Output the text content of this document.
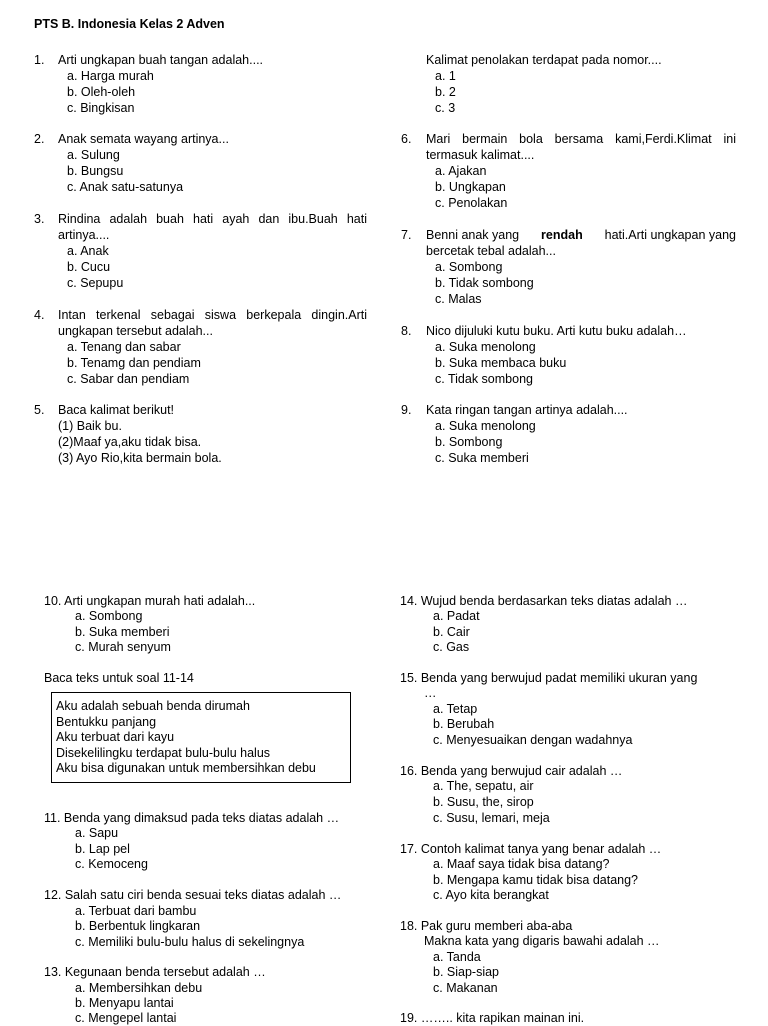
PTS B. Indonesia Kelas 2 Adven
1. Arti ungkapan buah tangan adalah....
a. Harga murah
b. Oleh-oleh
c. Bingkisan
2. Anak semata wayang artinya...
a. Sulung
b. Bungsu
c. Anak satu-satunya
3. Rindina adalah buah hati ayah dan ibu.Buah hati
artinya....
a. Anak
b. Cucu
c. Sepupu
4. Intan terkenal sebagai siswa berkepala dingin.Arti
ungkapan tersebut adalah...
a. Tenang dan sabar
b. Tenamg dan pendiam
c. Sabar dan pendiam
5. Baca kalimat berikut!
(1) Baik bu.
(2)Maaf ya,aku tidak bisa.
(3) Ayo Rio,kita bermain bola.
Kalimat penolakan terdapat pada nomor....
a. 1
b. 2
c. 3
6. Mari bermain bola bersama kami,Ferdi.Klimat ini
termasuk kalimat....
a. Ajakan
b. Ungkapan
c. Penolakan
7. Benni anak yang rendah hati.Arti ungkapan yang
bercetak tebal adalah...
a. Sombong
b. Tidak sombong
c. Malas
8. Nico dijuluki kutu buku. Arti kutu buku adalah…
a. Suka menolong
b. Suka membaca buku
c. Tidak sombong
9. Kata ringan tangan artinya adalah....
a. Suka menolong
b. Sombong
c. Suka memberi
10. Arti ungkapan murah hati adalah...
a. Sombong
b. Suka memberi
c. Murah senyum
Baca teks untuk soal 11-14
Aku adalah sebuah benda dirumah
Bentukku panjang
Aku terbuat dari kayu
Disekelilingku terdapat bulu-bulu halus
Aku bisa digunakan untuk membersihkan debu
11. Benda yang dimaksud pada teks diatas adalah …
a. Sapu
b. Lap pel
c. Kemoceng
12. Salah satu ciri benda sesuai teks diatas adalah …
a. Terbuat dari bambu
b. Berbentuk lingkaran
c. Memiliki bulu-bulu halus di sekelingnya
13. Kegunaan benda tersebut adalah …
a. Membersihkan debu
b. Menyapu lantai
c. Mengepel lantai
14. Wujud benda berdasarkan teks diatas adalah …
a. Padat
b. Cair
c. Gas
15. Benda yang berwujud padat memiliki ukuran yang
…
a. Tetap
b. Berubah
c. Menyesuaikan dengan wadahnya
16. Benda yang berwujud cair adalah …
a. The, sepatu, air
b. Susu, the, sirop
c. Susu, lemari, meja
17. Contoh kalimat tanya yang benar adalah …
a. Maaf saya tidak bisa datang?
b. Mengapa kamu tidak bisa datang?
c. Ayo kita berangkat
18. Pak guru memberi aba-aba
Makna kata yang digaris bawahi adalah …
a. Tanda
b. Siap-siap
c. Makanan
19. …….. kita rapikan mainan ini.
